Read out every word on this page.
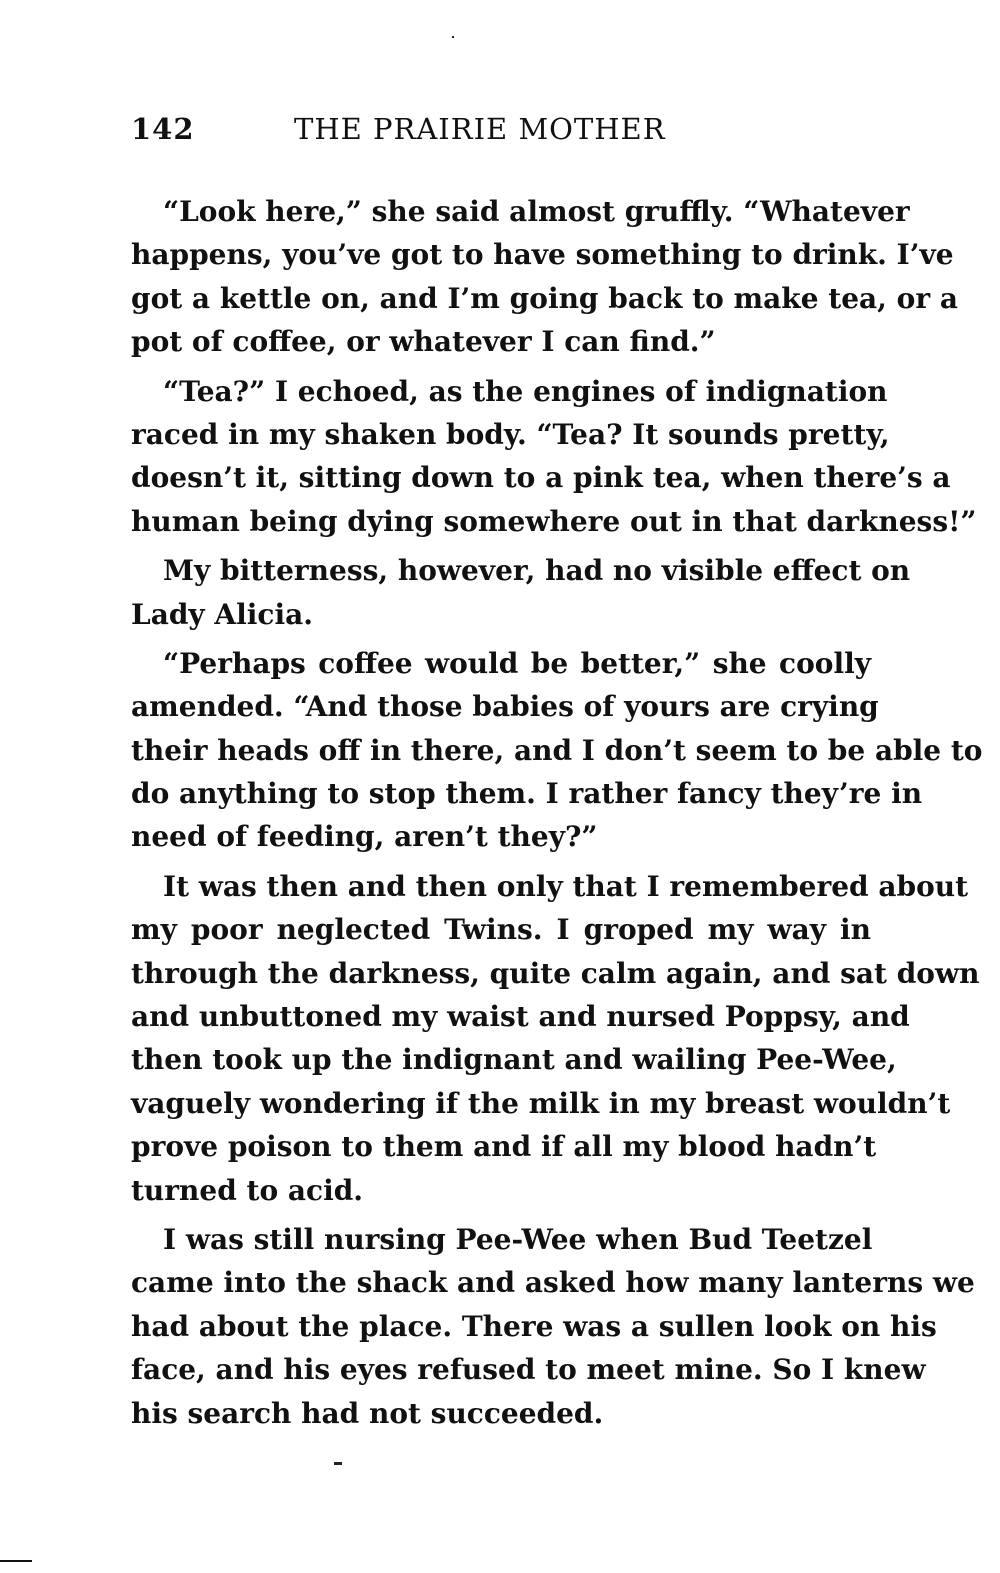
142	THE PRAIRIE MOTHER
“Look here,” she said almost gruffly. “Whatever
happens, you’ve got to have something to drink. I’ve
got a kettle on, and I’m going back to make tea, or a
pot of coffee, or whatever I can find.”
“Tea?” I echoed, as the engines of indignation
raced in my shaken body. “Tea? It sounds pretty,
doesn’t it, sitting down to a pink tea, when there’s a
human being dying somewhere out in that darkness!”
My bitterness, however, had no visible effect on
Lady Alicia.
“Perhaps coffee would be better,” she coolly
amended. “And those babies of yours are crying
their heads off in there, and I don’t seem to be able to
do anything to stop them. I rather fancy they’re in
need of feeding, aren’t they?”
It was then and then only that I remembered about
my poor neglected Twins. I groped my way in
through the darkness, quite calm again, and sat down
and unbuttoned my waist and nursed Poppsy, and
then took up the indignant and wailing Pee-Wee,
vaguely wondering if the milk in my breast wouldn’t
prove poison to them and if all my blood hadn’t
turned to acid.
I was still nursing Pee-Wee when Bud Teetzel
came into the shack and asked how many lanterns we
had about the place. There was a sullen look on his
face, and his eyes refused to meet mine. So I knew
his search had not succeeded.
